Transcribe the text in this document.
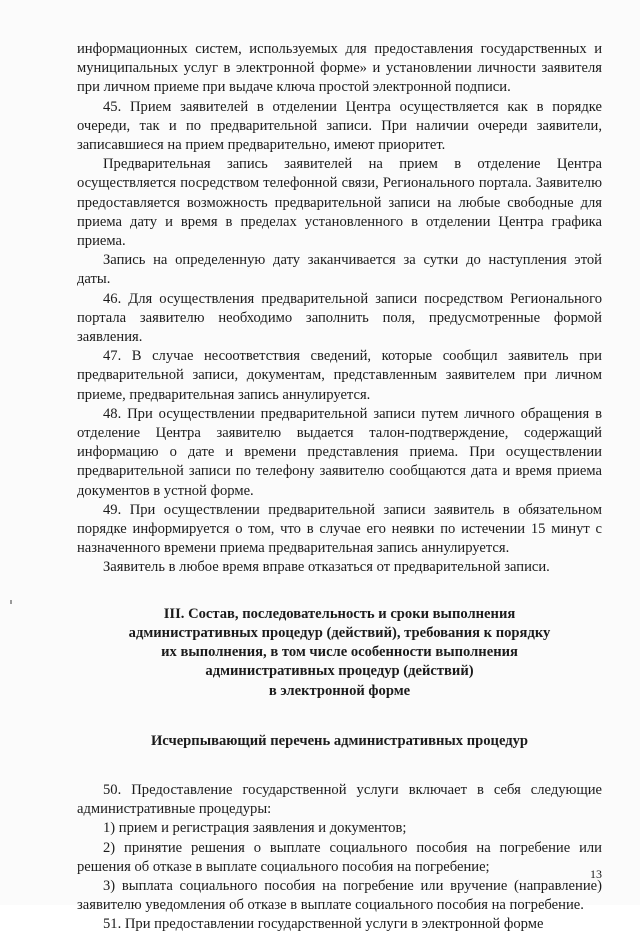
информационных систем, используемых для предоставления государственных и муниципальных услуг в электронной форме» и установлении личности заявителя при личном приеме при выдаче ключа простой электронной подписи.

45. Прием заявителей в отделении Центра осуществляется как в порядке очереди, так и по предварительной записи. При наличии очереди заявители, записавшиеся на прием предварительно, имеют приоритет.

Предварительная запись заявителей на прием в отделение Центра осуществляется посредством телефонной связи, Регионального портала. Заявителю предоставляется возможность предварительной записи на любые свободные для приема дату и время в пределах установленного в отделении Центра графика приема.

Запись на определенную дату заканчивается за сутки до наступления этой даты.

46. Для осуществления предварительной записи посредством Регионального портала заявителю необходимо заполнить поля, предусмотренные формой заявления.

47. В случае несоответствия сведений, которые сообщил заявитель при предварительной записи, документам, представленным заявителем при личном приеме, предварительная запись аннулируется.

48. При осуществлении предварительной записи путем личного обращения в отделение Центра заявителю выдается талон-подтверждение, содержащий информацию о дате и времени представления приема. При осуществлении предварительной записи по телефону заявителю сообщаются дата и время приема документов в устной форме.

49. При осуществлении предварительной записи заявитель в обязательном порядке информируется о том, что в случае его неявки по истечении 15 минут с назначенного времени приема предварительная запись аннулируется.

Заявитель в любое время вправе отказаться от предварительной записи.

III. Состав, последовательность и сроки выполнения

административных процедур (действий), требования к порядку

их выполнения, в том числе особенности выполнения

административных процедур (действий)

в электронной форме

Исчерпывающий перечень административных процедур

50. Предоставление государственной услуги включает в себя следующие административные процедуры:

1) прием и регистрация заявления и документов;

2) принятие решения о выплате социального пособия на погребение или решения об отказе в выплате социального пособия на погребение;

3) выплата социального пособия на погребение или вручение (направление) заявителю уведомления об отказе в выплате социального пособия на погребение.

51. При предоставлении государственной услуги в электронной форме

13
